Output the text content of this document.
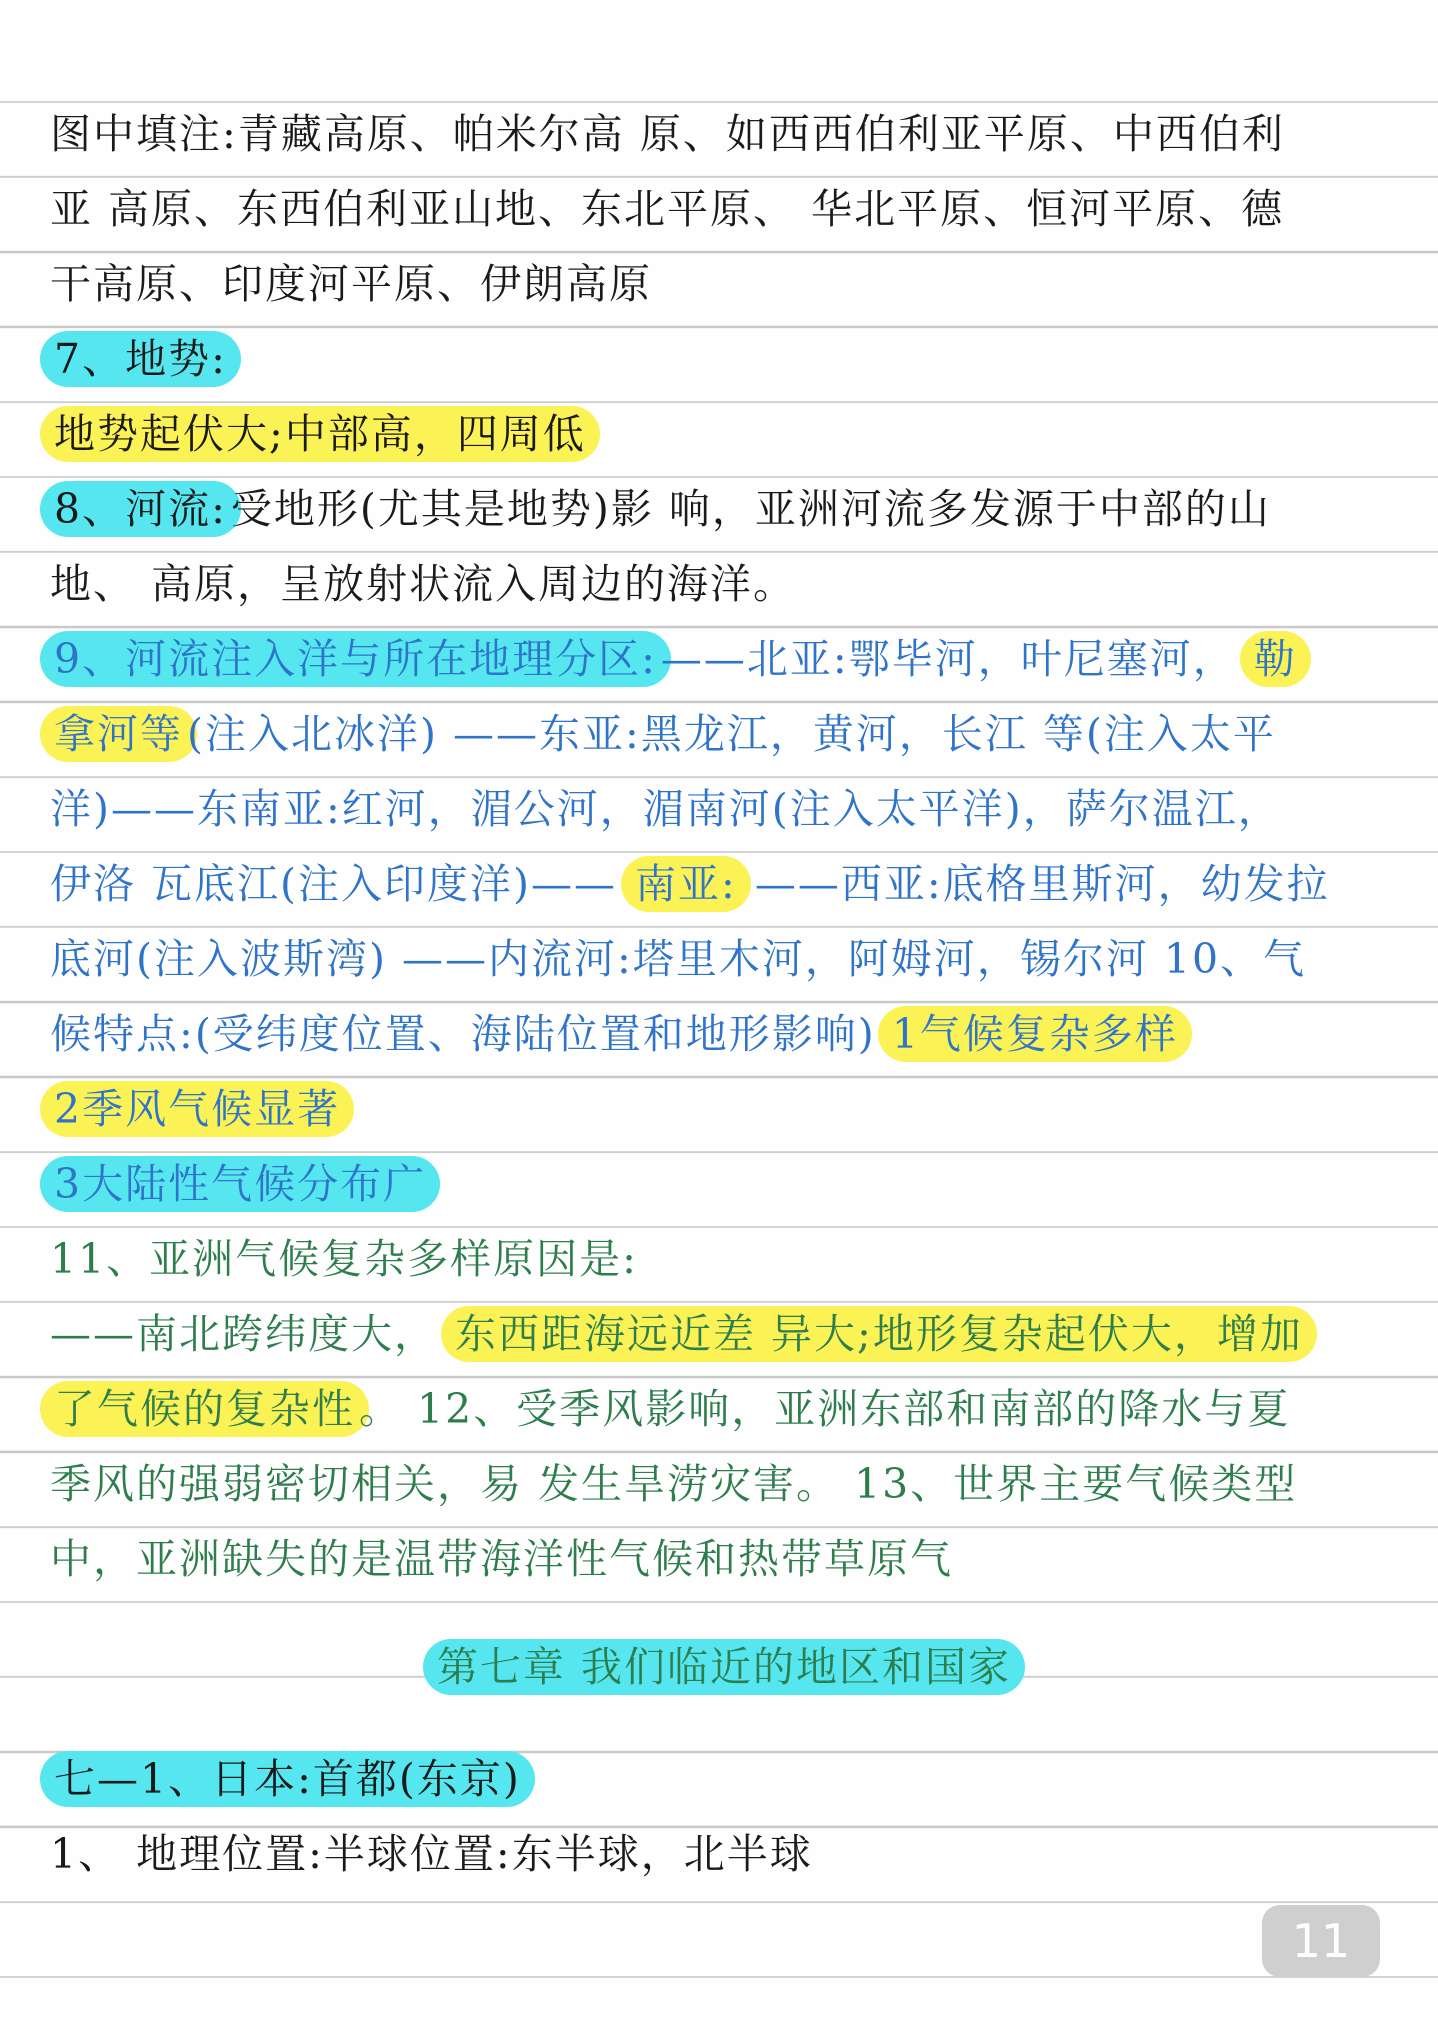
图中填注:青藏高原、帕米尔高 原、如西西伯利亚平原、中西伯利
亚 高原、东西伯利亚山地、东北平原、 华北平原、恒河平原、德
干高原、印度河平原、伊朗高原
7、地势:
地势起伏大;中部高，四周低
8、河流:受地形(尤其是地势)影 响，亚洲河流多发源于中部的山
地、 高原，呈放射状流入周边的海洋。
9、河流注入洋与所在地理分区:——北亚:鄂毕河，叶尼塞河， 勒
拿河等(注入北冰洋) ——东亚:黑龙江，黄河，长江 等(注入太平
洋)——东南亚:红河，湄公河，湄南河(注入太平洋)，萨尔温江，
伊洛 瓦底江(注入印度洋)—— 南亚: ——西亚:底格里斯河，幼发拉
底河(注入波斯湾) ——内流河:塔里木河，阿姆河，锡尔河 10、气
候特点:(受纬度位置、海陆位置和地形影响) 1气候复杂多样
2季风气候显著
3大陆性气候分布广
11、亚洲气候复杂多样原因是:
——南北跨纬度大， 东西距海远近差 异大;地形复杂起伏大，增加
了气候的复杂性。 12、受季风影响，亚洲东部和南部的降水与夏
季风的强弱密切相关，易 发生旱涝灾害。 13、世界主要气候类型
中，亚洲缺失的是温带海洋性气候和热带草原气
第七章 我们临近的地区和国家
七—1、日本:首都(东京)
1、 地理位置:半球位置:东半球，北半球
11
